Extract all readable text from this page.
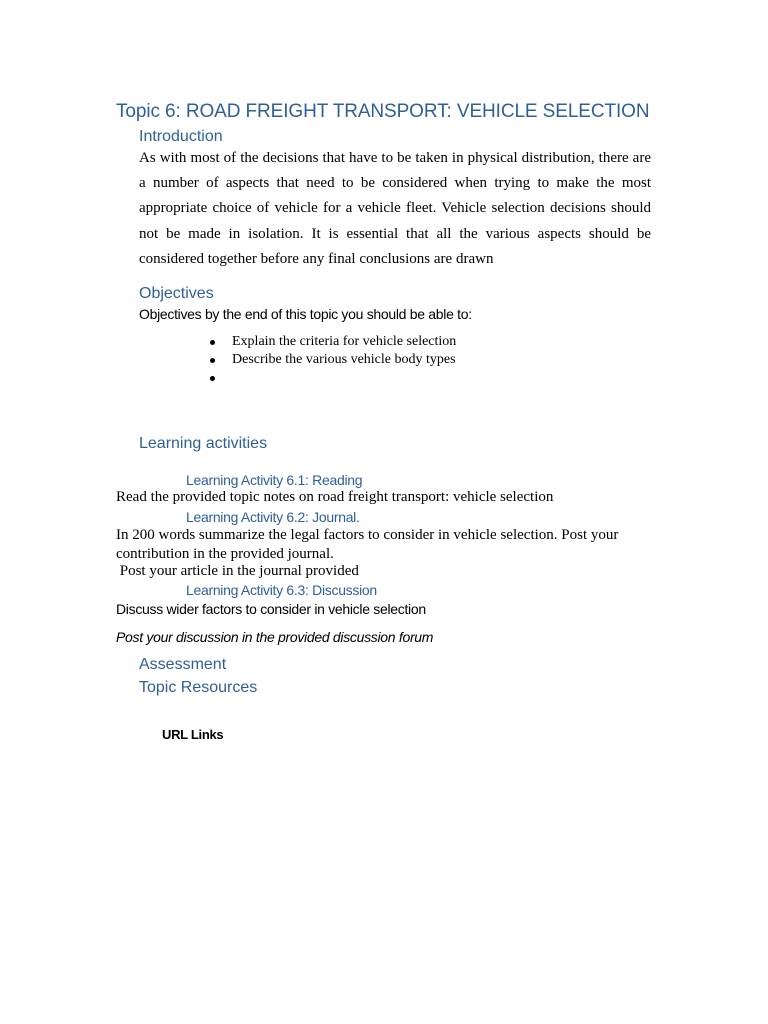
Topic 6: ROAD FREIGHT TRANSPORT: VEHICLE SELECTION
Introduction
As with most of the decisions that have to be taken in physical distribution, there are a number of aspects that need to be considered when trying to make the most appropriate choice of vehicle for a vehicle fleet. Vehicle selection decisions should not be made in isolation. It is essential that all the various aspects should be considered together before any final conclusions are drawn
Objectives
Objectives by the end of this topic you should be able to:
Explain the criteria for vehicle selection
Describe the various vehicle body types
Learning activities
Learning Activity 6.1: Reading
Read the provided topic notes on road freight transport: vehicle selection
Learning Activity 6.2: Journal.
In 200 words summarize the legal factors to consider in vehicle selection. Post your contribution in the provided journal.
Post your article in the journal provided
Learning Activity 6.3: Discussion
Discuss wider factors to consider in vehicle selection
Post your discussion in the provided discussion forum
Assessment
Topic Resources
URL Links
